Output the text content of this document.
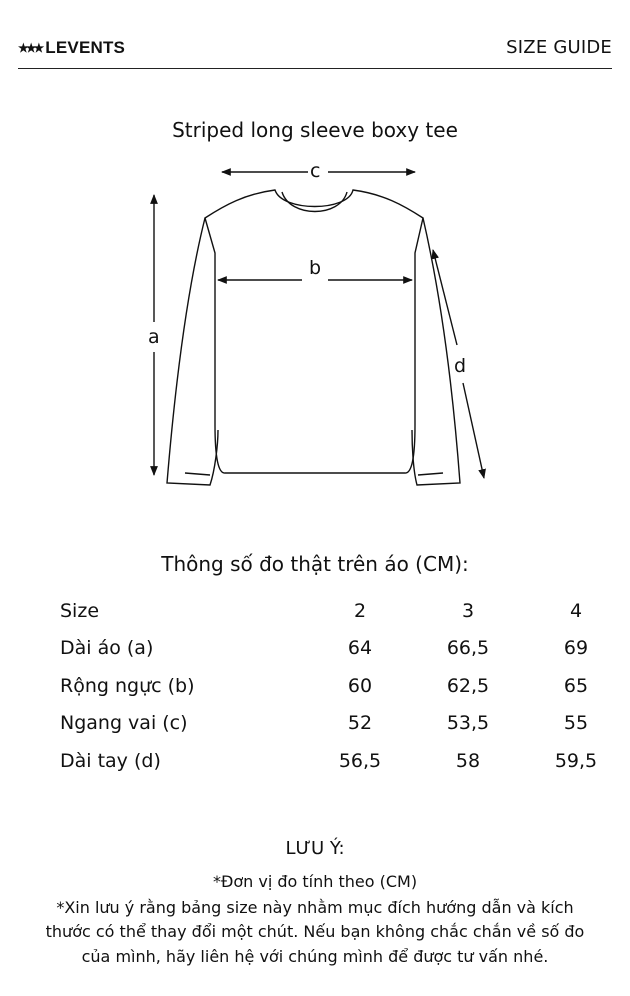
★★★ LEVENTS	SIZE GUIDE
Striped long sleeve boxy tee
c
b
a
d
Thông số đo thật trên áo (CM):
Size	2	3	4
Dài áo (a)	64	66,5	69
Rộng ngực (b)	60	62,5	65
Ngang vai (c)	52	53,5	55
Dài tay (d)	56,5	58	59,5
LƯU Ý:
*Đơn vị đo tính theo (CM)
*Xin lưu ý rằng bảng size này nhằm mục đích hướng dẫn và kích
thước có thể thay đổi một chút. Nếu bạn không chắc chắn về số đo
của mình, hãy liên hệ với chúng mình để được tư vấn nhé.
